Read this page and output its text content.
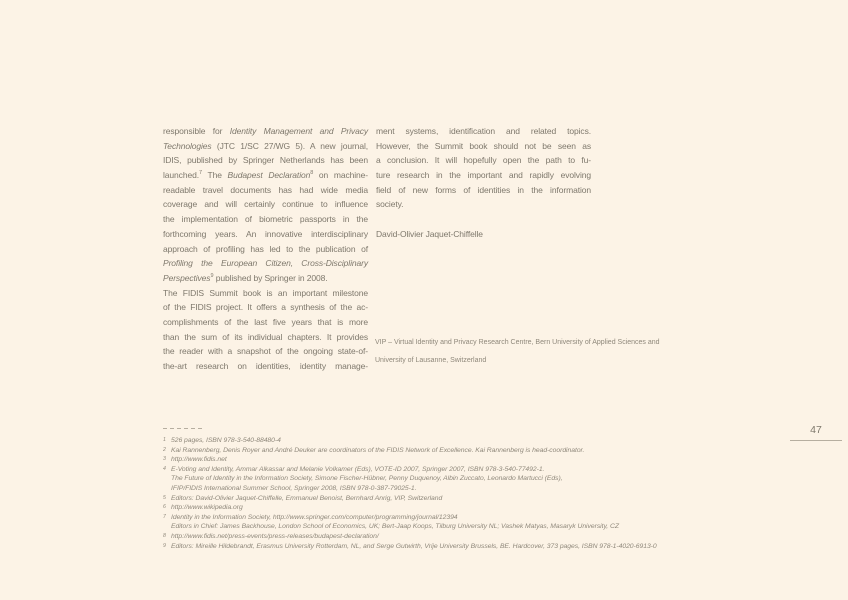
responsible for Identity Management and Privacy
Technologies (JTC 1/SC 27/WG 5). A new journal,
IDIS, published by Springer Netherlands has been
launched.$^7$ The Budapest Declaration$^8$ on machine-
readable travel documents has had wide media
coverage and will certainly continue to influence
the implementation of biometric passports in the
forthcoming years. An innovative interdisciplinary
approach of profiling has led to the publication of
Profiling the European Citizen, Cross-Disciplinary
Perspectives$^9$ published by Springer in 2008.
The FIDIS Summit book is an important milestone
of the FIDIS project. It offers a synthesis of the ac-
complishments of the last five years that is more
than the sum of its individual chapters. It provides
the reader with a snapshot of the ongoing state-of-
the-art research on identities, identity manage-
ment systems, identification and related topics.
However, the Summit book should not be seen as
a conclusion. It will hopefully open the path to fu-
ture research in the important and rapidly evolving
field of new forms of identities in the information
society.
David-Olivier Jaquet-Chiffelle
VIP – Virtual Identity and Privacy Research Centre, Bern University of Applied Sciences and
University of Lausanne, Switzerland
1 526 pages, ISBN 978-3-540-88480-4
2 Kai Rannenberg, Denis Royer and André Deuker are coordinators of the FIDIS Network of Excellence. Kai Rannenberg is head-coordinator.
3 http://www.fidis.net
4 E-Voting and Identity, Ammar Alkassar and Melanie Volkamer (Eds), VOTE-ID 2007, Springer 2007, ISBN 978-3-540-77492-1.
The Future of Identity in the Information Society, Simone Fischer-Hübner, Penny Duquenoy, Albin Zuccato, Leonardo Martucci (Eds),
IFIP/FIDIS International Summer School, Springer 2008, ISBN 978-0-387-79025-1.
5 Editors: David-Olivier Jaquet-Chiffelle, Emmanuel Benoist, Bernhard Anrig, VIP, Switzerland
6 http://www.wikipedia.org
7 Identity in the Information Society, http://www.springer.com/computer/programming/journal/12394
Editors in Chief: James Backhouse, London School of Economics, UK; Bert-Jaap Koops, Tilburg University NL; Vashek Matyas, Masaryk University, CZ
8 http://www.fidis.net/press-events/press-releases/budapest-declaration/
9 Editors: Mireille Hildebrandt, Erasmus University Rotterdam, NL, and Serge Gutwirth, Vrije University Brussels, BE. Hardcover, 373 pages, ISBN 978-1-4020-6913-0
47
